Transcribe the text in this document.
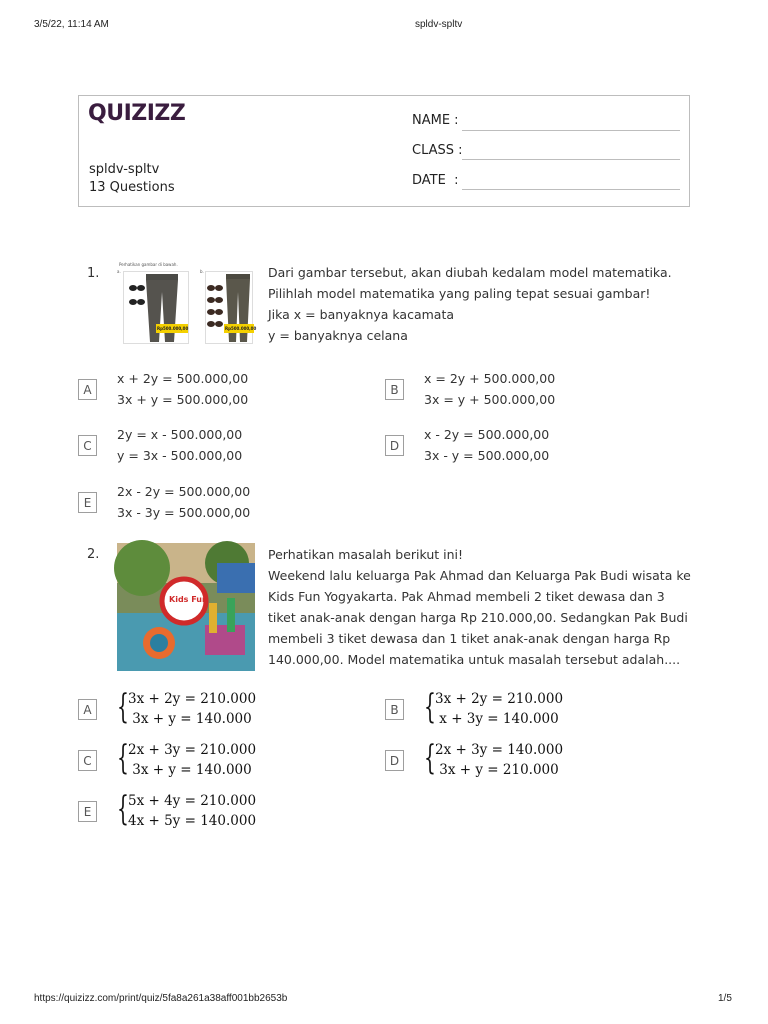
3/5/22, 11:14 AM	spldv-spltv
QUIZIZZ
spldv-spltv
13 Questions
NAME :
CLASS :
DATE  :
1.
Perhatikan gambar di bawah.
a.	b.
Rp500.000,00	Rp500.000,00
Dari gambar tersebut, akan diubah kedalam model matematika.
Pilihlah model matematika yang paling tepat sesuai gambar!
Jika x = banyaknya kacamata
y = banyaknya celana
A
x + 2y = 500.000,00
3x + y = 500.000,00
B
x = 2y + 500.000,00
3x = y + 500.000,00
C
2y = x - 500.000,00
y = 3x - 500.000,00
D
x - 2y = 500.000,00
3x - y = 500.000,00
E
2x - 2y = 500.000,00
3x - 3y = 500.000,00
2.
Kids Fun
Perhatikan masalah berikut ini!
Weekend lalu keluarga Pak Ahmad dan Keluarga Pak Budi wisata ke
Kids Fun Yogyakarta. Pak Ahmad membeli 2 tiket dewasa dan 3
tiket anak-anak dengan harga Rp 210.000,00. Sedangkan Pak Budi
membeli 3 tiket dewasa dan 1 tiket anak-anak dengan harga Rp
140.000,00. Model matematika untuk masalah tersebut adalah....
A { 3x + 2y = 210.000
3x + y = 140.000
B { 3x + 2y = 210.000
x + 3y = 140.000
C { 2x + 3y = 210.000
3x + y = 140.000
D { 2x + 3y = 140.000
3x + y = 210.000
E { 5x + 4y = 210.000
4x + 5y = 140.000
https://quizizz.com/print/quiz/5fa8a261a38aff001bb2653b	1/5
